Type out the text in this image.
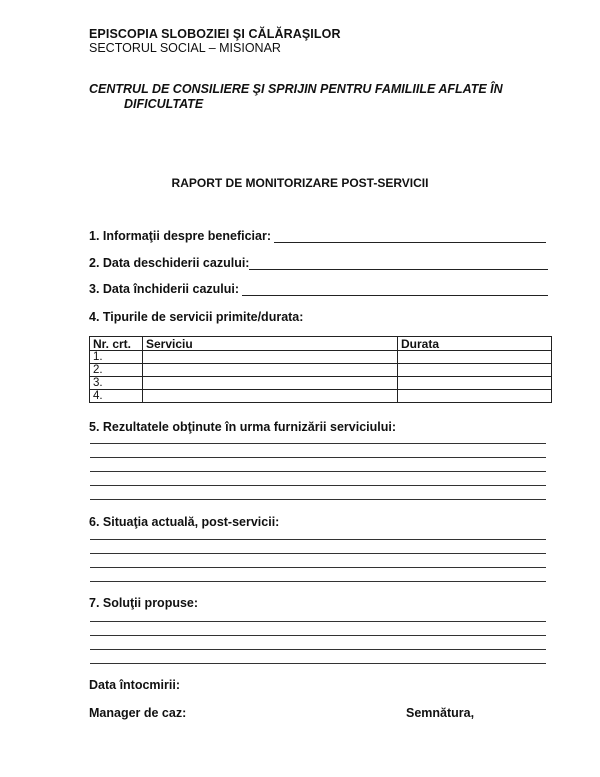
EPISCOPIA SLOBOZIEI ŞI CĂLĂRAŞILOR
SECTORUL SOCIAL – MISIONAR
CENTRUL DE CONSILIERE ŞI SPRIJIN PENTRU FAMILIILE AFLATE ÎN
DIFICULTATE
RAPORT DE MONITORIZARE POST-SERVICII
1. Informaţii despre beneficiar:
2. Data deschiderii cazului:
3. Data închiderii cazului:
4. Tipurile de servicii primite/durata:
Nr. crt.	Serviciu	Durata
1.		
2.		
3.		
4.		
5. Rezultatele obţinute în urma furnizării serviciului:
6. Situaţia actuală, post-servicii:
7. Soluţii propuse:
Data întocmirii:
Manager de caz:	Semnătura,
